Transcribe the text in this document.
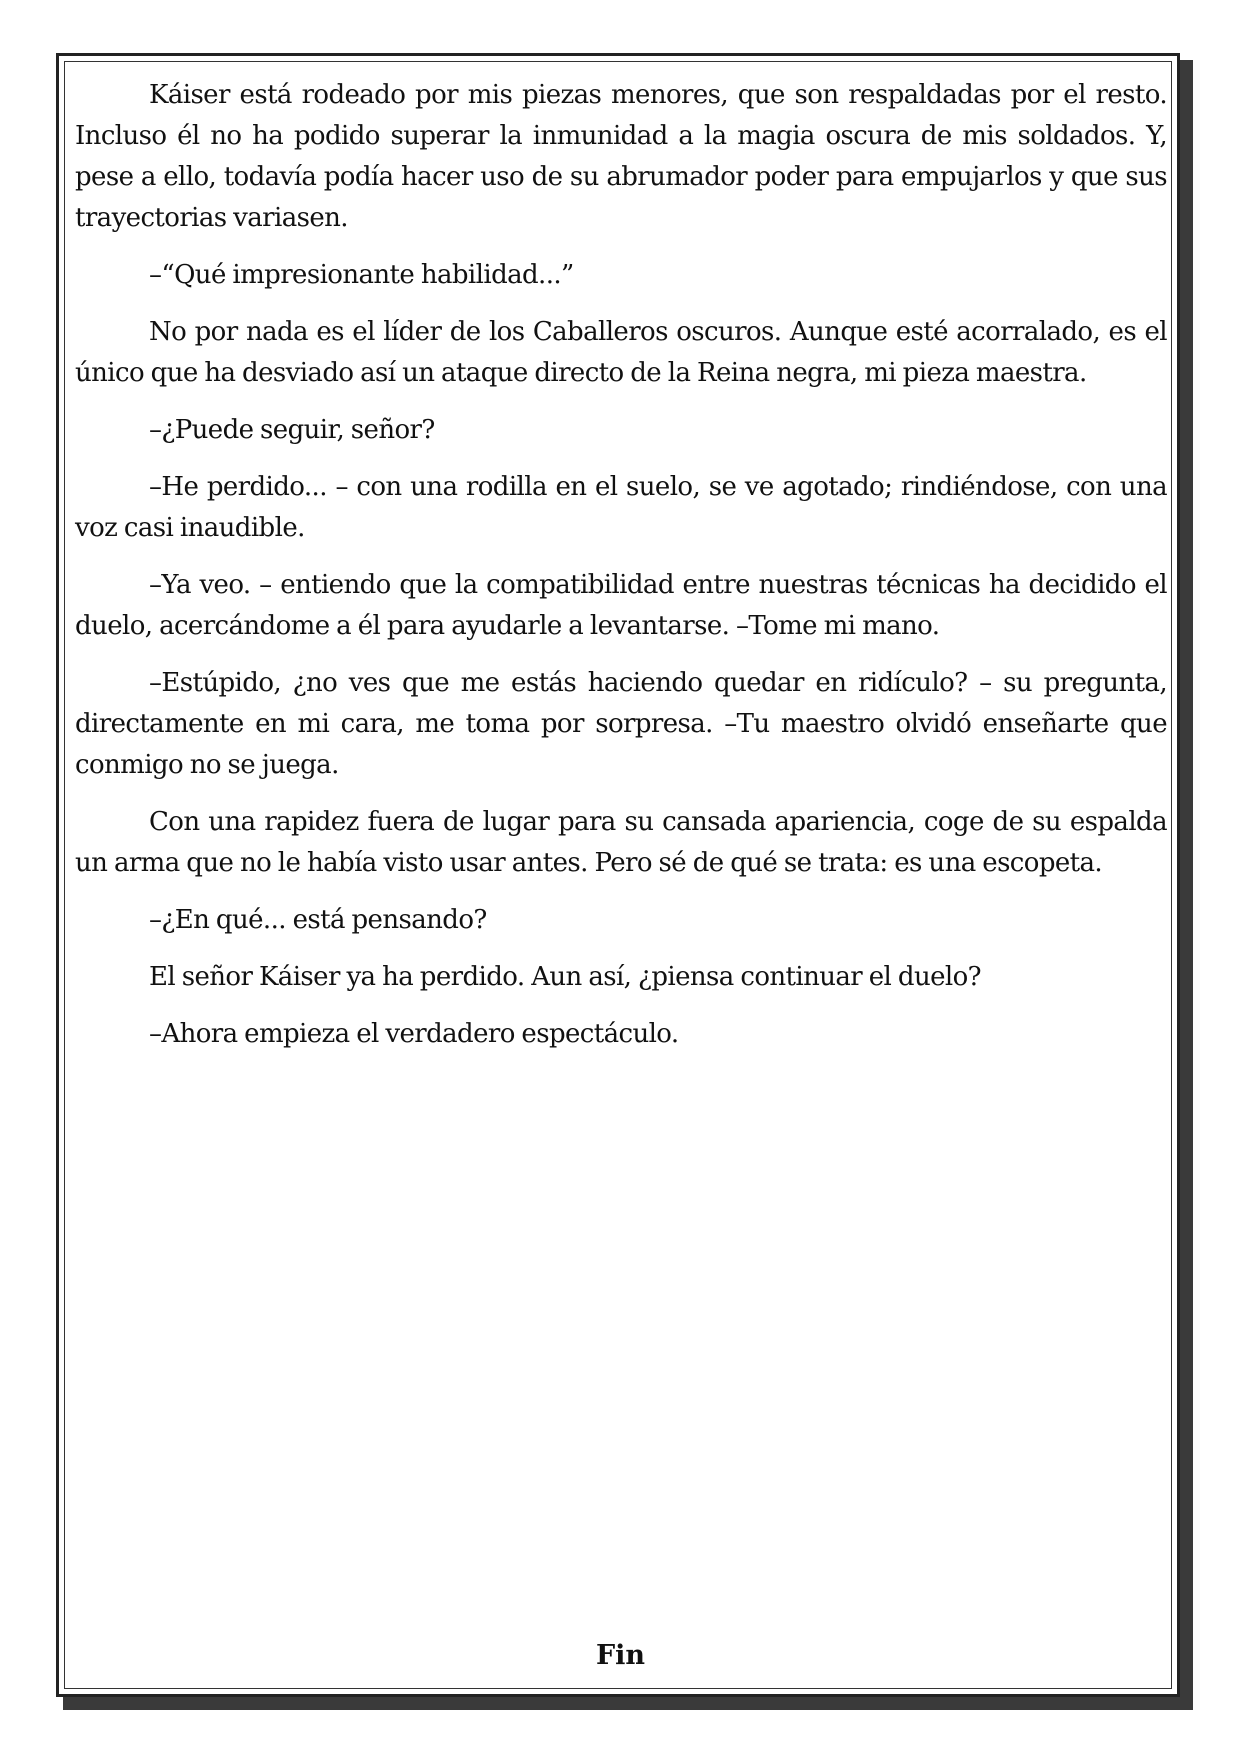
Káiser está rodeado por mis piezas menores, que son respaldadas por el resto. Incluso él no ha podido superar la inmunidad a la magia oscura de mis soldados. Y, pese a ello, todavía podía hacer uso de su abrumador poder para empujarlos y que sus trayectorias variasen.

–“Qué impresionante habilidad...”

No por nada es el líder de los Caballeros oscuros. Aunque esté acorralado, es el único que ha desviado así un ataque directo de la Reina negra, mi pieza maestra.

–¿Puede seguir, señor?

–He perdido... – con una rodilla en el suelo, se ve agotado; rindiéndose, con una voz casi inaudible.

–Ya veo. – entiendo que la compatibilidad entre nuestras técnicas ha decidido el duelo, acercándome a él para ayudarle a levantarse. –Tome mi mano.

–Estúpido, ¿no ves que me estás haciendo quedar en ridículo? – su pregunta, directamente en mi cara, me toma por sorpresa. –Tu maestro olvidó enseñarte que conmigo no se juega.

Con una rapidez fuera de lugar para su cansada apariencia, coge de su espalda un arma que no le había visto usar antes. Pero sé de qué se trata: es una escopeta.

–¿En qué... está pensando?

El señor Káiser ya ha perdido. Aun así, ¿piensa continuar el duelo?

–Ahora empieza el verdadero espectáculo.

Fin
